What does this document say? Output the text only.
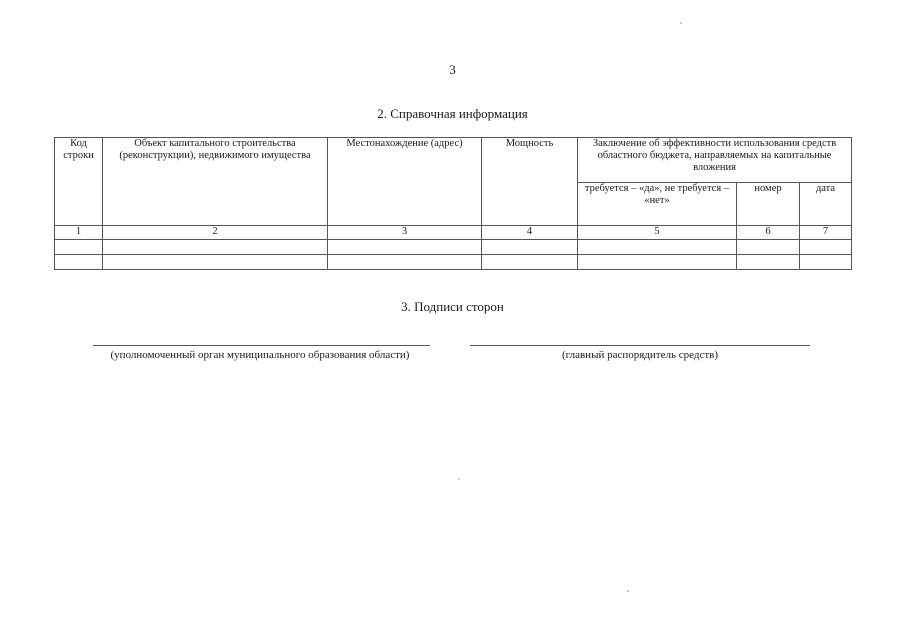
3
2. Справочная информация
Код строки	Объект капитального строительства (реконструкции), недвижимого имущества	Местонахождение (адрес)	Мощность	Заключение об эффективности использования средств областного бюджета, направляемых на капитальные вложения		
				требуется – «да», не требуется – «нет»	номер	дата
1	2	3	4	5	6	7

3. Подписи сторон
(уполномоченный орган муниципального образования области)	(главный распорядитель средств)
